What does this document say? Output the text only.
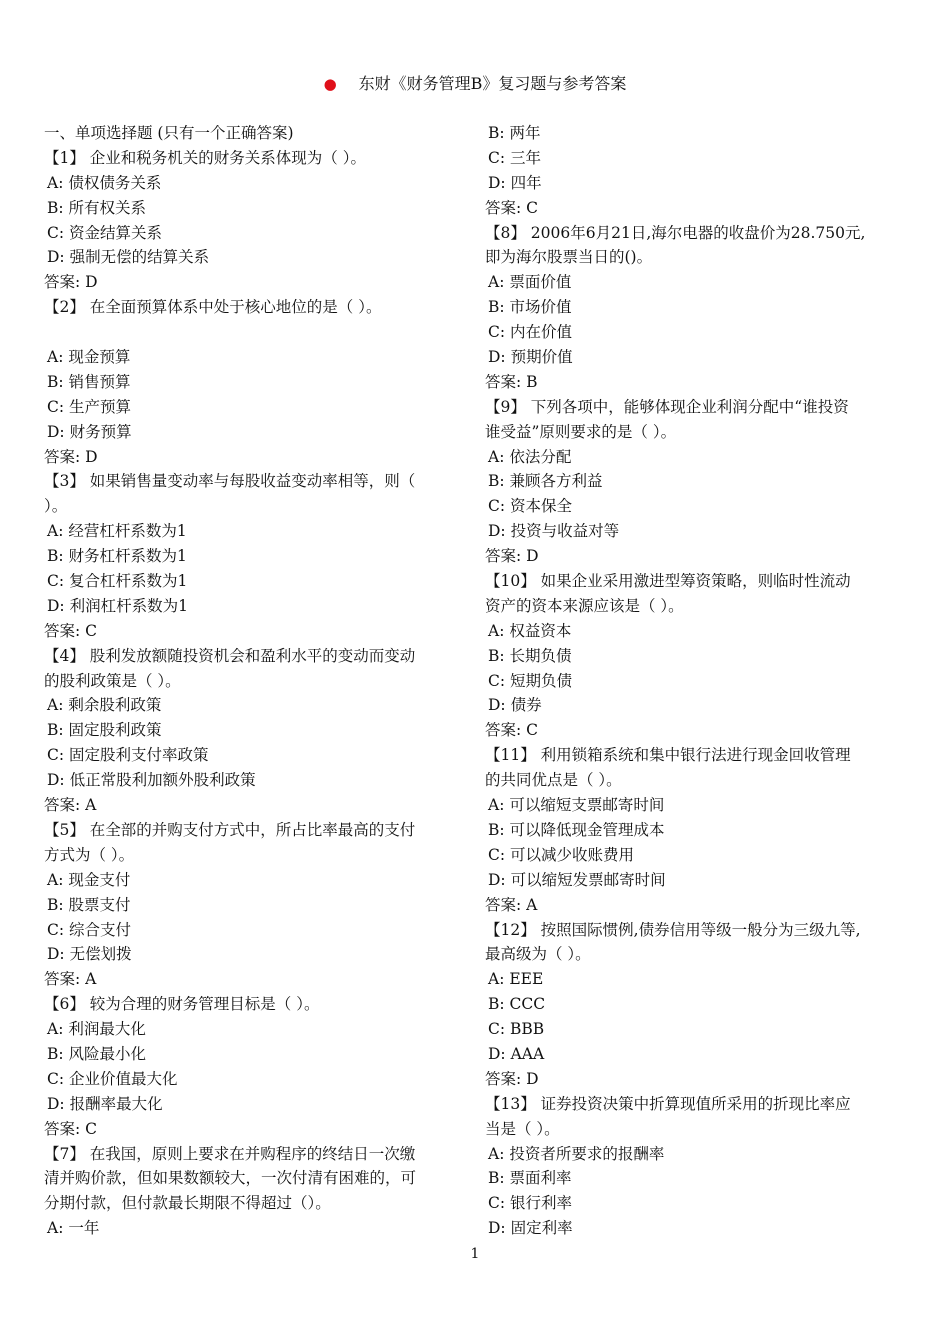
● 东财《财务管理B》复习题与参考答案
一、单项选择题 (只有一个正确答案)
【1】 企业和税务机关的财务关系体现为（ ）。
A: 债权债务关系
B: 所有权关系
C: 资金结算关系
D: 强制无偿的结算关系
答案: D
【2】 在全面预算体系中处于核心地位的是（ ）。
A: 现金预算
B: 销售预算
C: 生产预算
D: 财务预算
答案: D
【3】 如果销售量变动率与每股收益变动率相等，则（
）。
A: 经营杠杆系数为1
B: 财务杠杆系数为1
C: 复合杠杆系数为1
D: 利润杠杆系数为1
答案: C
【4】 股利发放额随投资机会和盈利水平的变动而变动
的股利政策是（ ）。
A: 剩余股利政策
B: 固定股利政策
C: 固定股利支付率政策
D: 低正常股利加额外股利政策
答案: A
【5】 在全部的并购支付方式中，所占比率最高的支付
方式为（ ）。
A: 现金支付
B: 股票支付
C: 综合支付
D: 无偿划拨
答案: A
【6】 较为合理的财务管理目标是（ ）。
A: 利润最大化
B: 风险最小化
C: 企业价值最大化
D: 报酬率最大化
答案: C
【7】 在我国，原则上要求在并购程序的终结日一次缴
清并购价款，但如果数额较大，一次付清有困难的，可
分期付款，但付款最长期限不得超过（）。
A: 一年
B: 两年
C: 三年
D: 四年
答案: C
【8】 2006年6月21日,海尔电器的收盘价为28.750元,
即为海尔股票当日的()。
A: 票面价值
B: 市场价值
C: 内在价值
D: 预期价值
答案: B
【9】 下列各项中，能够体现企业利润分配中“谁投资
谁受益”原则要求的是（ ）。
A: 依法分配
B: 兼顾各方利益
C: 资本保全
D: 投资与收益对等
答案: D
【10】 如果企业采用激进型筹资策略，则临时性流动
资产的资本来源应该是（ ）。
A: 权益资本
B: 长期负债
C: 短期负债
D: 债券
答案: C
【11】 利用锁箱系统和集中银行法进行现金回收管理
的共同优点是（ ）。
A: 可以缩短支票邮寄时间
B: 可以降低现金管理成本
C: 可以减少收账费用
D: 可以缩短发票邮寄时间
答案: A
【12】 按照国际惯例,债券信用等级一般分为三级九等,
最高级为（ ）。
A: EEE
B: CCC
C: BBB
D: AAA
答案: D
【13】 证券投资决策中折算现值所采用的折现比率应
当是（ ）。
A: 投资者所要求的报酬率
B: 票面利率
C: 银行利率
D: 固定利率
1
